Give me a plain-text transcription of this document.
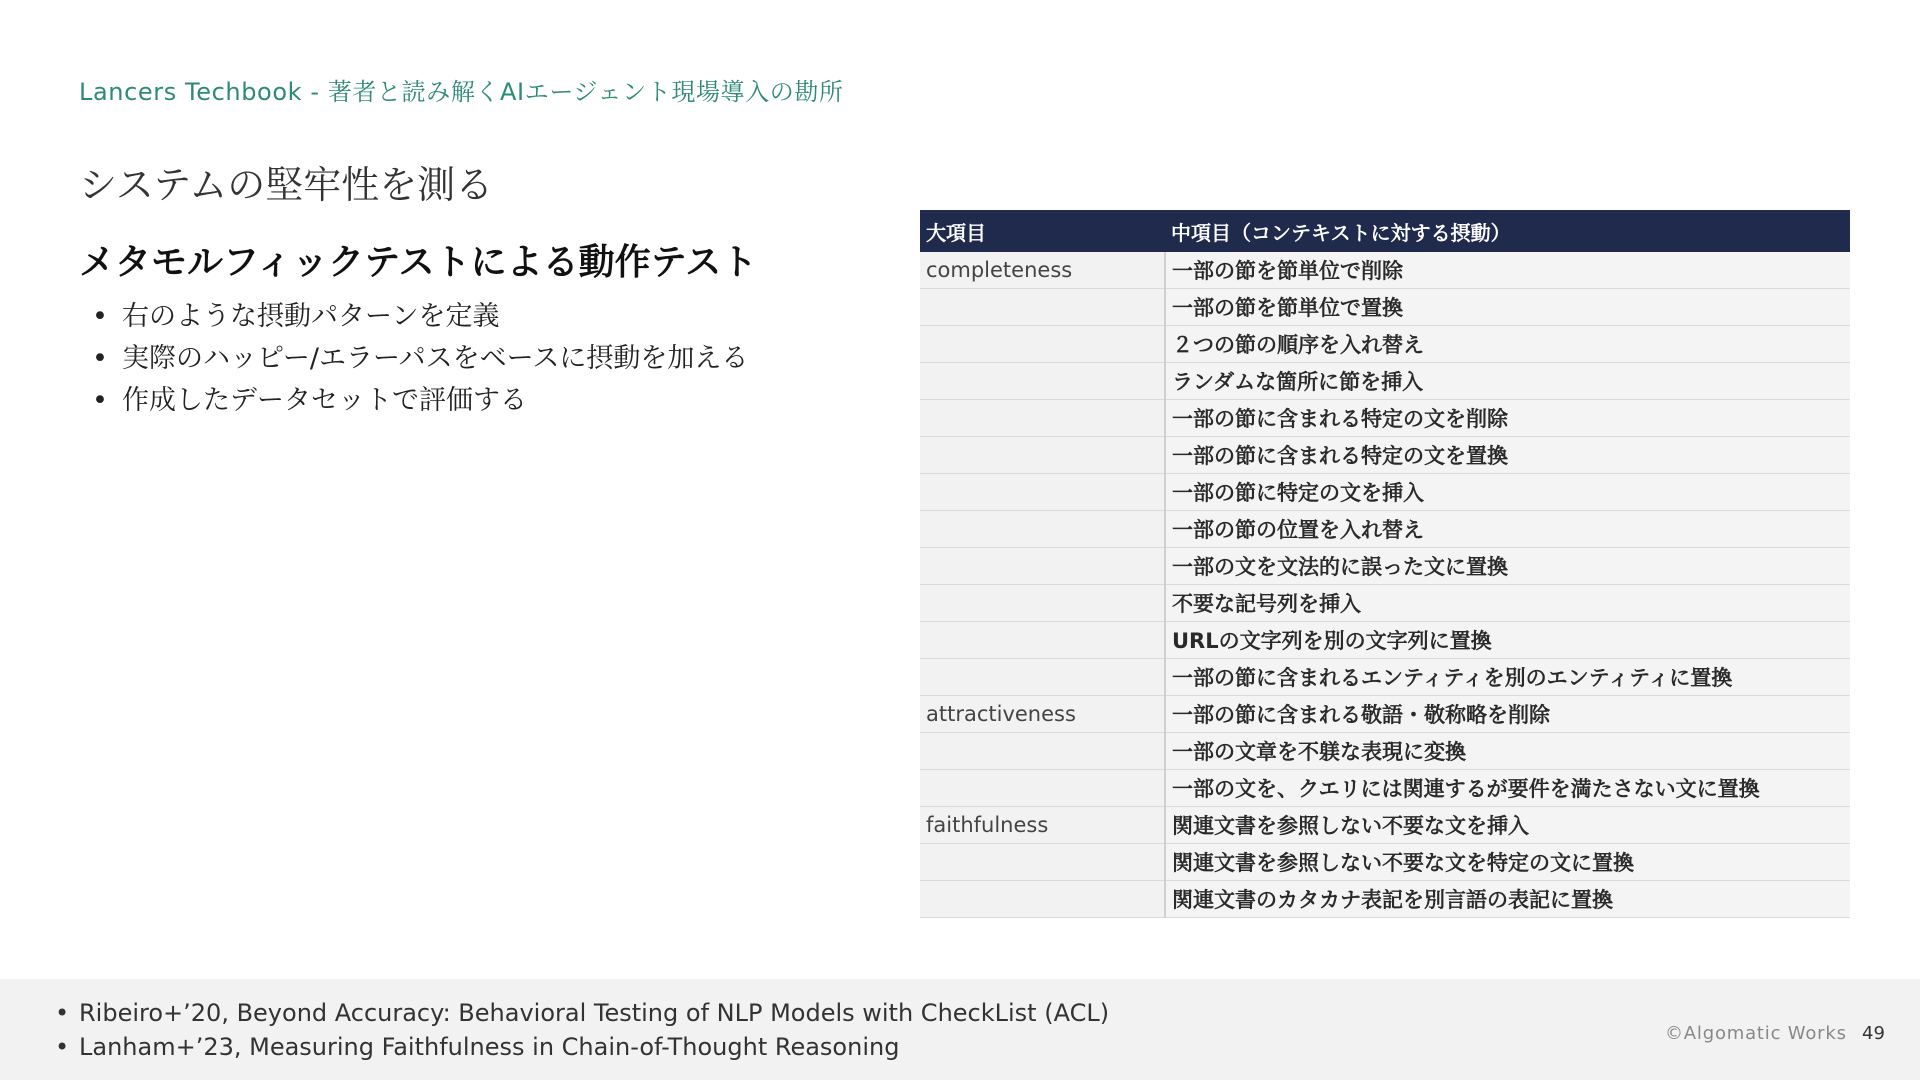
Lancers Techbook - 著者と読み解くAIエージェント現場導入の勘所
システムの堅牢性を測る
メタモルフィックテストによる動作テスト
• 右のような摂動パターンを定義
• 実際のハッピー/エラーパスをベースに摂動を加える
• 作成したデータセットで評価する
大項目	中項目（コンテキストに対する摂動）
completeness	一部の節を節単位で削除
	一部の節を節単位で置換
	２つの節の順序を入れ替え
	ランダムな箇所に節を挿入
	一部の節に含まれる特定の文を削除
	一部の節に含まれる特定の文を置換
	一部の節に特定の文を挿入
	一部の節の位置を入れ替え
	一部の文を文法的に誤った文に置換
	不要な記号列を挿入
	URLの文字列を別の文字列に置換
	一部の節に含まれるエンティティを別のエンティティに置換
attractiveness	一部の節に含まれる敬語・敬称略を削除
	一部の文章を不躾な表現に変換
	一部の文を、クエリには関連するが要件を満たさない文に置換
faithfulness	関連文書を参照しない不要な文を挿入
	関連文書を参照しない不要な文を特定の文に置換
	関連文書のカタカナ表記を別言語の表記に置換
• Ribeiro+’20, Beyond Accuracy: Behavioral Testing of NLP Models with CheckList (ACL)
• Lanham+’23, Measuring Faithfulness in Chain-of-Thought Reasoning	©Algomatic Works 49
